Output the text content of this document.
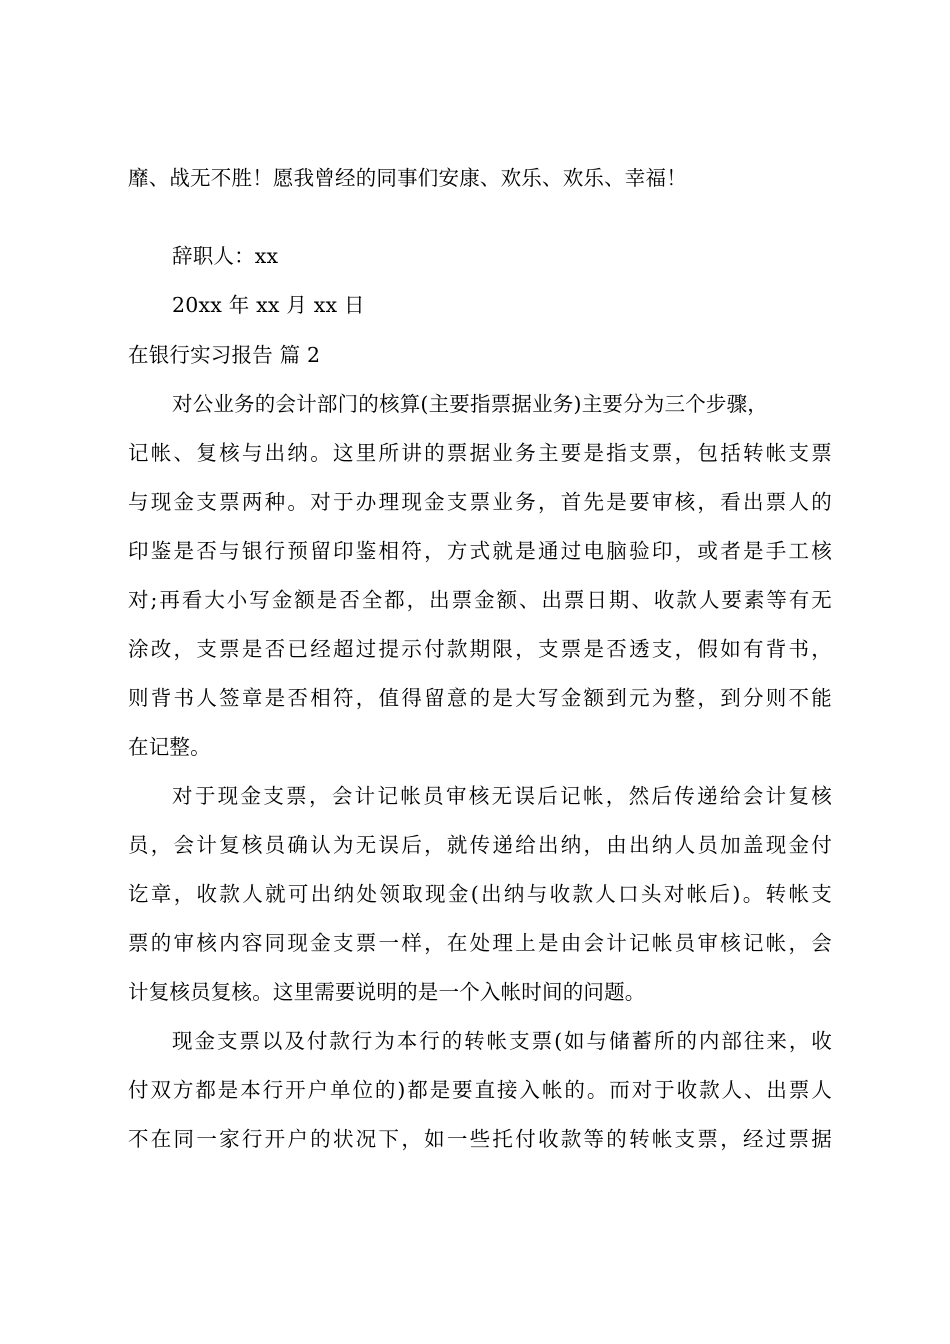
靡、战无不胜！愿我曾经的同事们安康、欢乐、欢乐、幸福！
辞职人：xx
20xx 年 xx 月 xx 日
在银行实习报告 篇 2
对公业务的会计部门的核算(主要指票据业务)主要分为三个步骤，
记帐、复核与出纳。这里所讲的票据业务主要是指支票，包括转帐支票
与现金支票两种。对于办理现金支票业务，首先是要审核，看出票人的
印鉴是否与银行预留印鉴相符，方式就是通过电脑验印，或者是手工核
对;再看大小写金额是否全都，出票金额、出票日期、收款人要素等有无
涂改，支票是否已经超过提示付款期限，支票是否透支，假如有背书，
则背书人签章是否相符，值得留意的是大写金额到元为整，到分则不能
在记整。
对于现金支票，会计记帐员审核无误后记帐，然后传递给会计复核
员，会计复核员确认为无误后，就传递给出纳，由出纳人员加盖现金付
讫章，收款人就可出纳处领取现金(出纳与收款人口头对帐后)。转帐支
票的审核内容同现金支票一样，在处理上是由会计记帐员审核记帐，会
计复核员复核。这里需要说明的是一个入帐时间的问题。
现金支票以及付款行为本行的转帐支票(如与储蓄所的内部往来，收
付双方都是本行开户单位的)都是要直接入帐的。而对于收款人、出票人
不在同一家行开户的状况下，如一些托付收款等的转帐支票，经过票据
